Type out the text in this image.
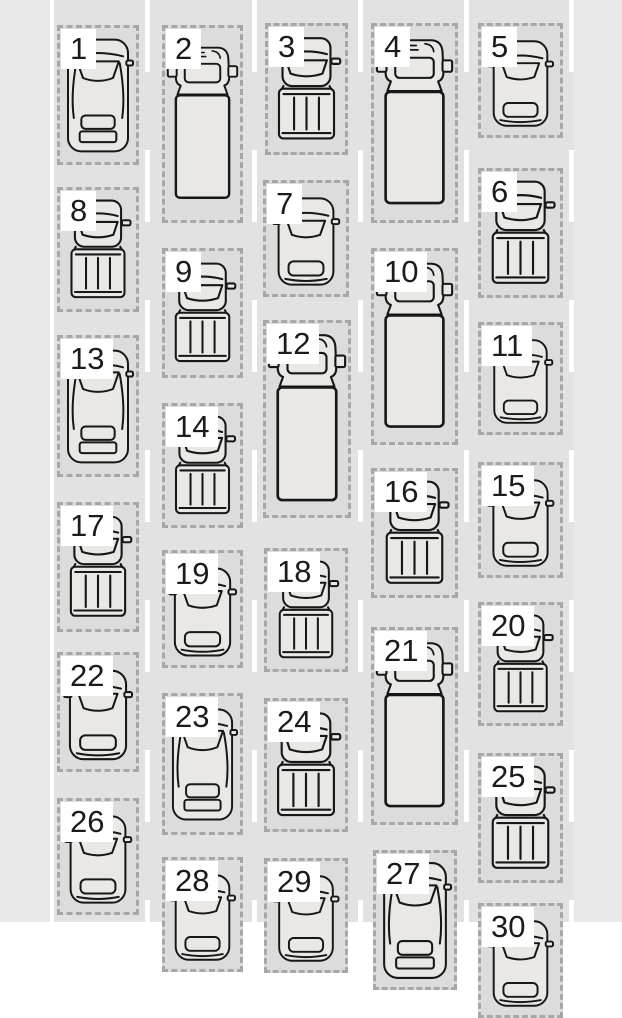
1	2	3	4	5
6
7
8
9	10
11
12
13
14
15
16
17
18
19
20
21
22
23 24
25
26
27
28 29
30
